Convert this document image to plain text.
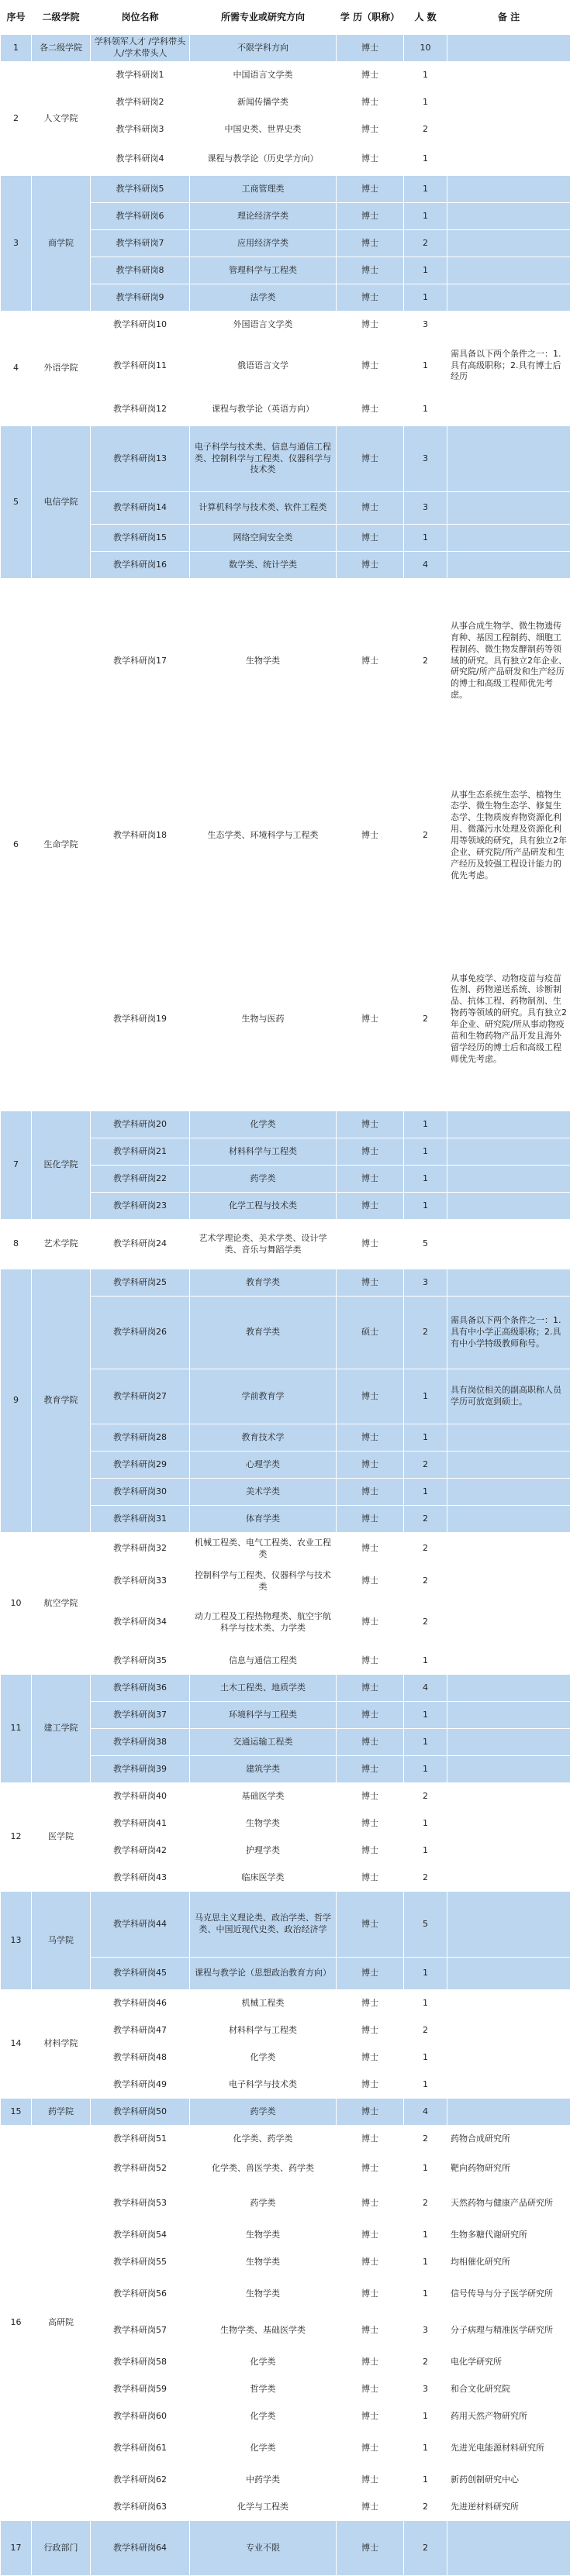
序号	二级学院	岗位名称	所需专业或研究方向	学 历（职称）	人 数	备 注
1	各二级学院	学科领军人才 /学科带头人/学术带头人	不限学科方向	博士	10	
2	人文学院	教学科研岗1	中国语言文学类	博士	1	
		教学科研岗2	新闻传播学类	博士	1	
		教学科研岗3	中国史类、世界史类	博士	2	
		教学科研岗4	课程与教学论（历史学方向）	博士	1	
3	商学院	教学科研岗5	工商管理类	博士	1	
		教学科研岗6	理论经济学类	博士	1	
		教学科研岗7	应用经济学类	博士	2	
		教学科研岗8	管理科学与工程类	博士	1	
		教学科研岗9	法学类	博士	1	
4	外语学院	教学科研岗10	外国语言文学类	博士	3	
		教学科研岗11	俄语语言文学	博士	1	需具备以下两个条件之一：1.具有高级职称；2.具有博士后经历
		教学科研岗12	课程与教学论（英语方向）	博士	1	
5	电信学院	教学科研岗13	电子科学与技术类、信息与通信工程类、控制科学与工程类、仪器科学与技术类	博士	3	
		教学科研岗14	计算机科学与技术类、软件工程类	博士	3	
		教学科研岗15	网络空间安全类	博士	1	
		教学科研岗16	数学类、统计学类	博士	4	
6	生命学院	教学科研岗17	生物学类	博士	2	从事合成生物学、微生物遗传育种、基因工程制药、细胞工程制药、微生物发酵制药等领域的研究。具有独立2年企业、研究院/所产品研发和生产经历的博士和高级工程师优先考虑。
		教学科研岗18	生态学类、环境科学与工程类	博士	2	从事生态系统生态学、植物生态学、微生物生态学、修复生态学、生物质废弃物资源化利用、微藻污水处理及资源化利用等领域的研究，具有独立2年企业、研究院/所产品研发和生产经历及较强工程设计能力的优先考虑。
		教学科研岗19	生物与医药	博士	2	从事免疫学、动物疫苗与疫苗佐剂、药物递送系统、诊断制品、抗体工程、药物制剂、生物药等领域的研究。具有独立2年企业、研究院/所从事动物疫苗和生物药物产品开发且海外留学经历的博士后和高级工程师优先考虑。
7	医化学院	教学科研岗20	化学类	博士	1	
		教学科研岗21	材料科学与工程类	博士	1	
		教学科研岗22	药学类	博士	1	
		教学科研岗23	化学工程与技术类	博士	1	
8	艺术学院	教学科研岗24	艺术学理论类、美术学类、设计学类、音乐与舞蹈学类	博士	5	
9	教育学院	教学科研岗25	教育学类	博士	3	
		教学科研岗26	教育学类	硕士	2	需具备以下两个条件之一：1.具有中小学正高级职称；2.具有中小学特级教师称号。
		教学科研岗27	学前教育学	博士	1	具有岗位相关的副高职称人员学历可放宽到硕士。
		教学科研岗28	教育技术学	博士	1	
		教学科研岗29	心理学类	博士	2	
		教学科研岗30	美术学类	博士	1	
		教学科研岗31	体育学类	博士	2	
10	航空学院	教学科研岗32	机械工程类、电气工程类、农业工程类	博士	2	
		教学科研岗33	控制科学与工程类、仪器科学与技术类	博士	2	
		教学科研岗34	动力工程及工程热物理类、航空宇航科学与技术类、力学类	博士	2	
		教学科研岗35	信息与通信工程类	博士	1	
11	建工学院	教学科研岗36	土木工程类、地质学类	博士	4	
		教学科研岗37	环境科学与工程类	博士	1	
		教学科研岗38	交通运输工程类	博士	1	
		教学科研岗39	建筑学类	博士	1	
12	医学院	教学科研岗40	基础医学类	博士	2	
		教学科研岗41	生物学类	博士	1	
		教学科研岗42	护理学类	博士	1	
		教学科研岗43	临床医学类	博士	2	
13	马学院	教学科研岗44	马克思主义理论类、政治学类、哲学类、中国近现代史类、政治经济学	博士	5	
		教学科研岗45	课程与教学论（思想政治教育方向）	博士	1	
14	材料学院	教学科研岗46	机械工程类	博士	1	
		教学科研岗47	材料科学与工程类	博士	2	
		教学科研岗48	化学类	博士	1	
		教学科研岗49	电子科学与技术类	博士	1	
15	药学院	教学科研岗50	药学类	博士	4	
16	高研院	教学科研岗51	化学类、药学类	博士	2	药物合成研究所
		教学科研岗52	化学类、兽医学类、药学类	博士	1	靶向药物研究所
		教学科研岗53	药学类	博士	2	天然药物与健康产品研究所
		教学科研岗54	生物学类	博士	1	生物多糖代谢研究所
		教学科研岗55	生物学类	博士	1	均相催化研究所
		教学科研岗56	生物学类	博士	1	信号传导与分子医学研究所
		教学科研岗57	生物学类、基础医学类	博士	3	分子病理与精准医学研究所
		教学科研岗58	化学类	博士	2	电化学研究所
		教学科研岗59	哲学类	博士	3	和合文化研究院
		教学科研岗60	化学类	博士	1	药用天然产物研究所
		教学科研岗61	化学类	博士	1	先进光电能源材料研究所
		教学科研岗62	中药学类	博士	1	新药创制研究中心
		教学科研岗63	化学与工程类	博士	2	先进逆材料研究所
17	行政部门	教学科研岗64	专业不限	博士	2	
